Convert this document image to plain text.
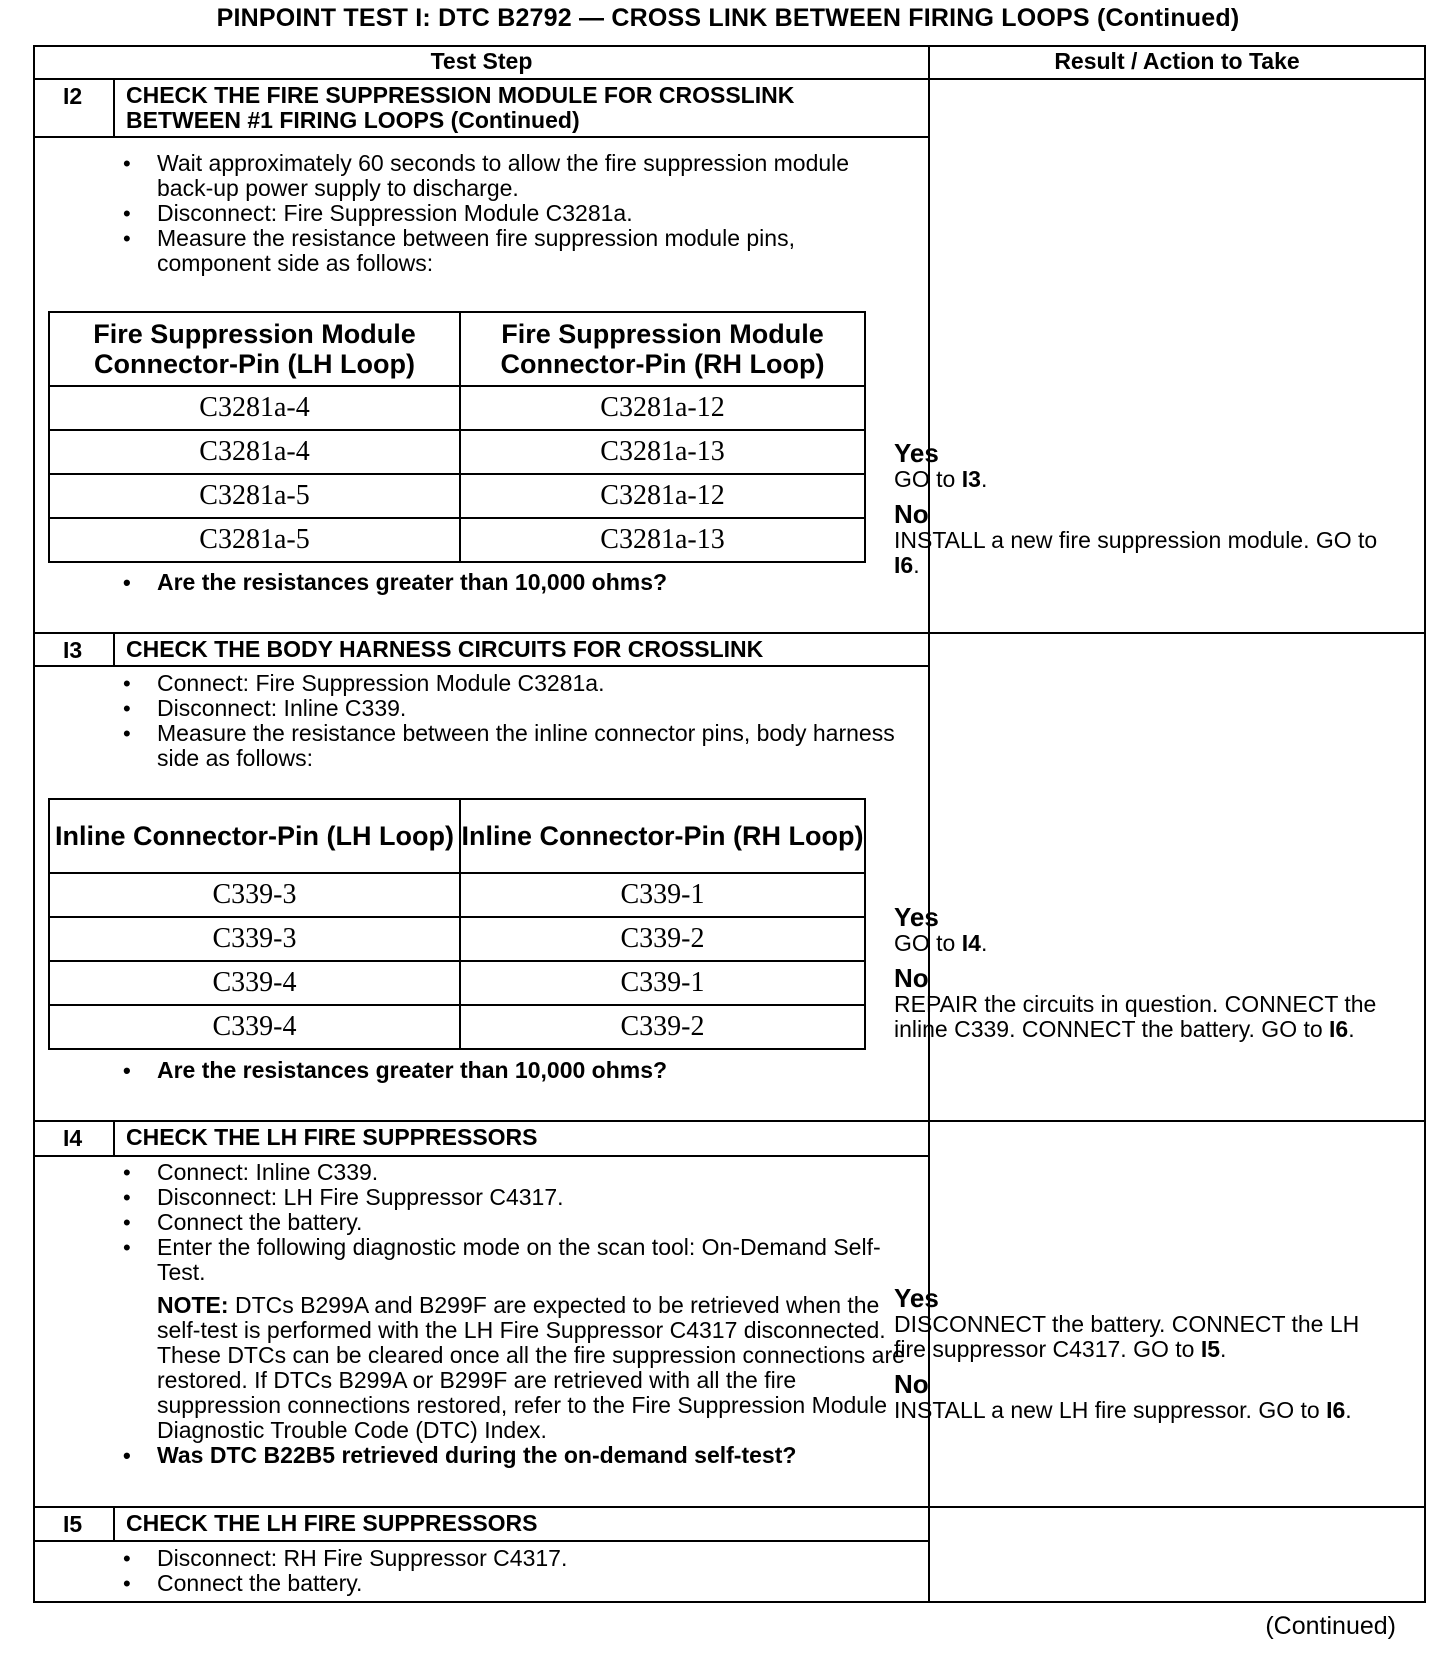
PINPOINT TEST I: DTC B2792 — CROSS LINK BETWEEN FIRING LOOPS (Continued)
Test Step	Result / Action to Take
I2 CHECK THE FIRE SUPPRESSION MODULE FOR CROSSLINK BETWEEN #1 FIRING LOOPS (Continued)
• Wait approximately 60 seconds to allow the fire suppression module back-up power supply to discharge.
• Disconnect: Fire Suppression Module C3281a.
• Measure the resistance between fire suppression module pins, component side as follows:
Fire Suppression Module Connector-Pin (LH Loop)	Fire Suppression Module Connector-Pin (RH Loop)
C3281a-4	C3281a-12
C3281a-4	C3281a-13
C3281a-5	C3281a-12
C3281a-5	C3281a-13
• Are the resistances greater than 10,000 ohms?
Yes
GO to I3.
No
INSTALL a new fire suppression module. GO to I6.
I3 CHECK THE BODY HARNESS CIRCUITS FOR CROSSLINK
• Connect: Fire Suppression Module C3281a.
• Disconnect: Inline C339.
• Measure the resistance between the inline connector pins, body harness side as follows:
Inline Connector-Pin (LH Loop)	Inline Connector-Pin (RH Loop)
C339-3	C339-1
C339-3	C339-2
C339-4	C339-1
C339-4	C339-2
• Are the resistances greater than 10,000 ohms?
Yes
GO to I4.
No
REPAIR the circuits in question. CONNECT the inline C339. CONNECT the battery. GO to I6.
I4 CHECK THE LH FIRE SUPPRESSORS
• Connect: Inline C339.
• Disconnect: LH Fire Suppressor C4317.
• Connect the battery.
• Enter the following diagnostic mode on the scan tool: On-Demand Self-Test.
NOTE: DTCs B299A and B299F are expected to be retrieved when the self-test is performed with the LH Fire Suppressor C4317 disconnected. These DTCs can be cleared once all the fire suppression connections are restored. If DTCs B299A or B299F are retrieved with all the fire suppression connections restored, refer to the Fire Suppression Module Diagnostic Trouble Code (DTC) Index.
• Was DTC B22B5 retrieved during the on-demand self-test?
Yes
DISCONNECT the battery. CONNECT the LH fire suppressor C4317. GO to I5.
No
INSTALL a new LH fire suppressor. GO to I6.
I5 CHECK THE LH FIRE SUPPRESSORS
• Disconnect: RH Fire Suppressor C4317.
• Connect the battery.
(Continued)
